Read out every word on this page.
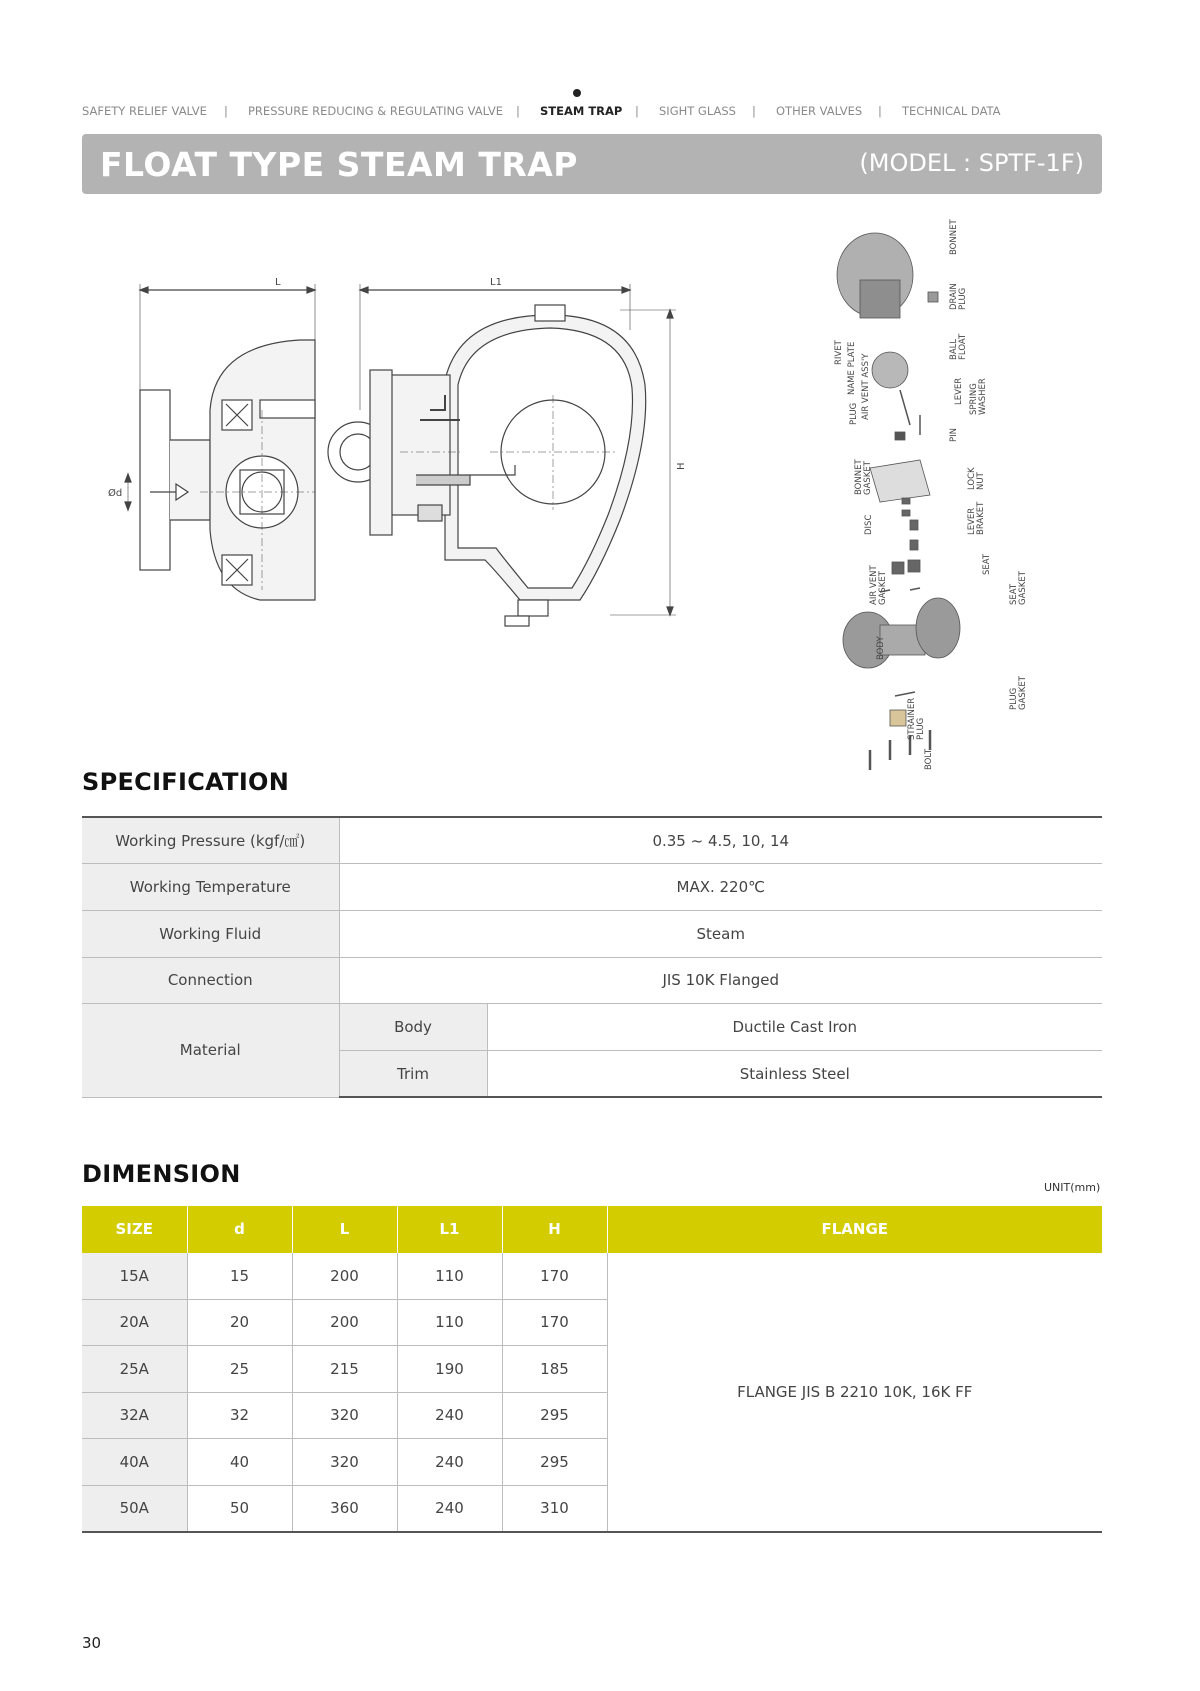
SAFETY RELIEF VALVE | PRESSURE REDUCING & REGULATING VALVE | STEAM TRAP | SIGHT GLASS | OTHER VALVES | TECHNICAL DATA
FLOAT TYPE STEAM TRAP	(MODEL : SPTF-1F)
L	L1
H
Ød
BONNET
DRAIN PLUG
BALL FLOAT
LEVER SPRING WASHER
PIN
RIVET NAME PLATE AIR VENT ASS'Y
PLUG
BONNET GASKET	LOCK NUT
DISC	LEVER BRAKET
SEAT
AIR VENT GASKET	SEAT GASKET
BODY
PLUG GASKET
STRAINER PLUG
BOLT
SPECIFICATION
Working Pressure (kgf/㎠)	0.35 ~ 4.5, 10, 14	
Working Temperature	MAX. 220℃	
Working Fluid	Steam	
Connection	JIS 10K Flanged	
Material	Body	Ductile Cast Iron
	Trim	Stainless Steel
DIMENSION	UNIT(mm)
SIZE	d	L	L1	H	FLANGE
15A	15	200	110	170	FLANGE JIS B 2210 10K, 16K FF
20A	20	200	110	170	
25A	25	215	190	185	
32A	32	320	240	295	
40A	40	320	240	295	
50A	50	360	240	310	
30
